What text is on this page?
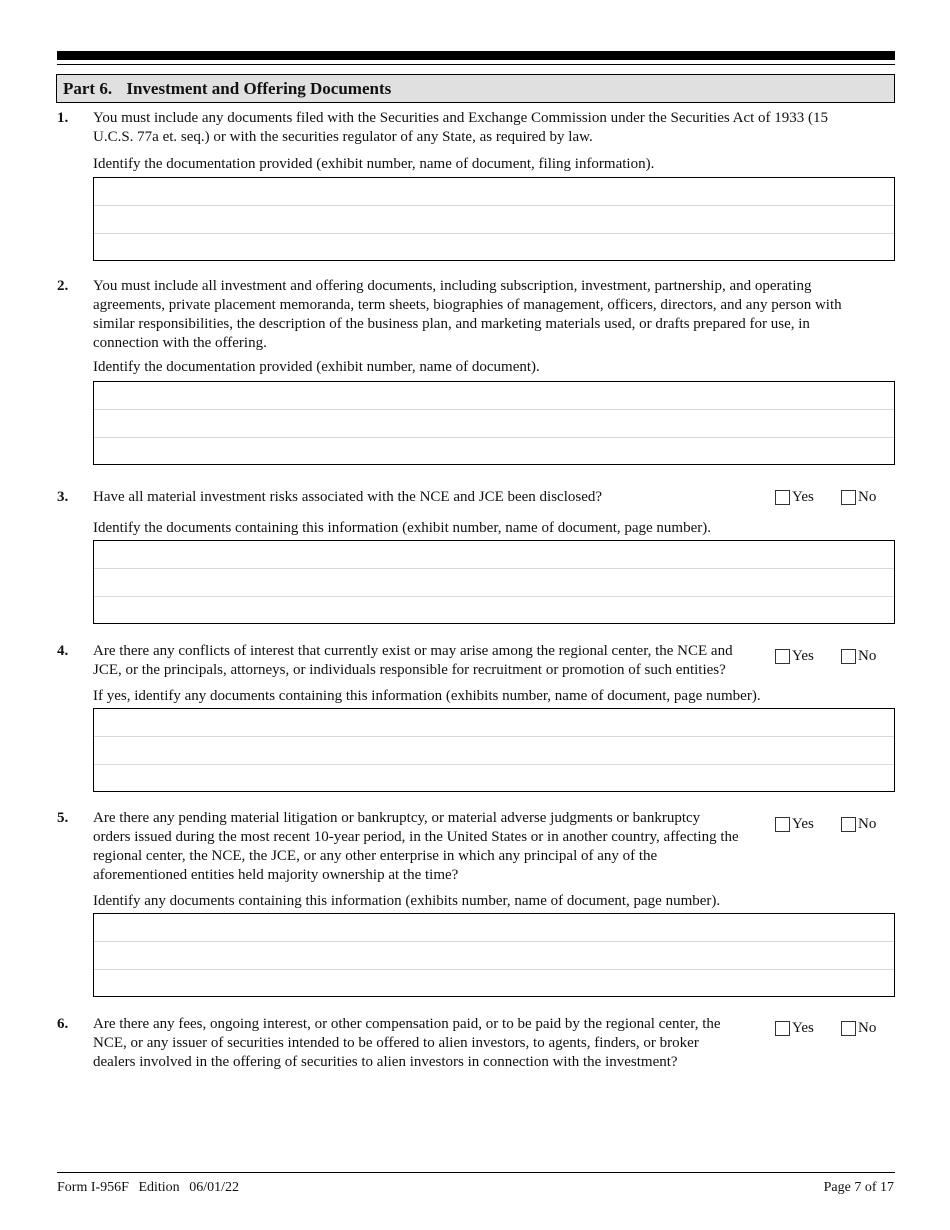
Part 6. Investment and Offering Documents
1.	You must include any documents filed with the Securities and Exchange Commission under the Securities Act of 1933 (15
U.C.S. 77a et. seq.) or with the securities regulator of any State, as required by law.
Identify the documentation provided (exhibit number, name of document, filing information).
2.	You must include all investment and offering documents, including subscription, investment, partnership, and operating
agreements, private placement memoranda, term sheets, biographies of management, officers, directors, and any person with
similar responsibilities, the description of the business plan, and marketing materials used, or drafts prepared for use, in
connection with the offering.
Identify the documentation provided (exhibit number, name of document).
3.	Have all material investment risks associated with the NCE and JCE been disclosed?	Yes	No
Identify the documents containing this information (exhibit number, name of document, page number).
4.	Are there any conflicts of interest that currently exist or may arise among the regional center, the NCE and
JCE, or the principals, attorneys, or individuals responsible for recruitment or promotion of such entities?
Yes	No
If yes, identify any documents containing this information (exhibits number, name of document, page number).
5.	Are there any pending material litigation or bankruptcy, or material adverse judgments or bankruptcy
orders issued during the most recent 10-year period, in the United States or in another country, affecting the
regional center, the NCE, the JCE, or any other enterprise in which any principal of any of the
aforementioned entities held majority ownership at the time?
Yes	No
Identify any documents containing this information (exhibits number, name of document, page number).
6.	Are there any fees, ongoing interest, or other compensation paid, or to be paid by the regional center, the
NCE, or any issuer of securities intended to be offered to alien investors, to agents, finders, or broker
dealers involved in the offering of securities to alien investors in connection with the investment?
Yes	No
Form I-956F Edition 06/01/22	Page 7 of 17
